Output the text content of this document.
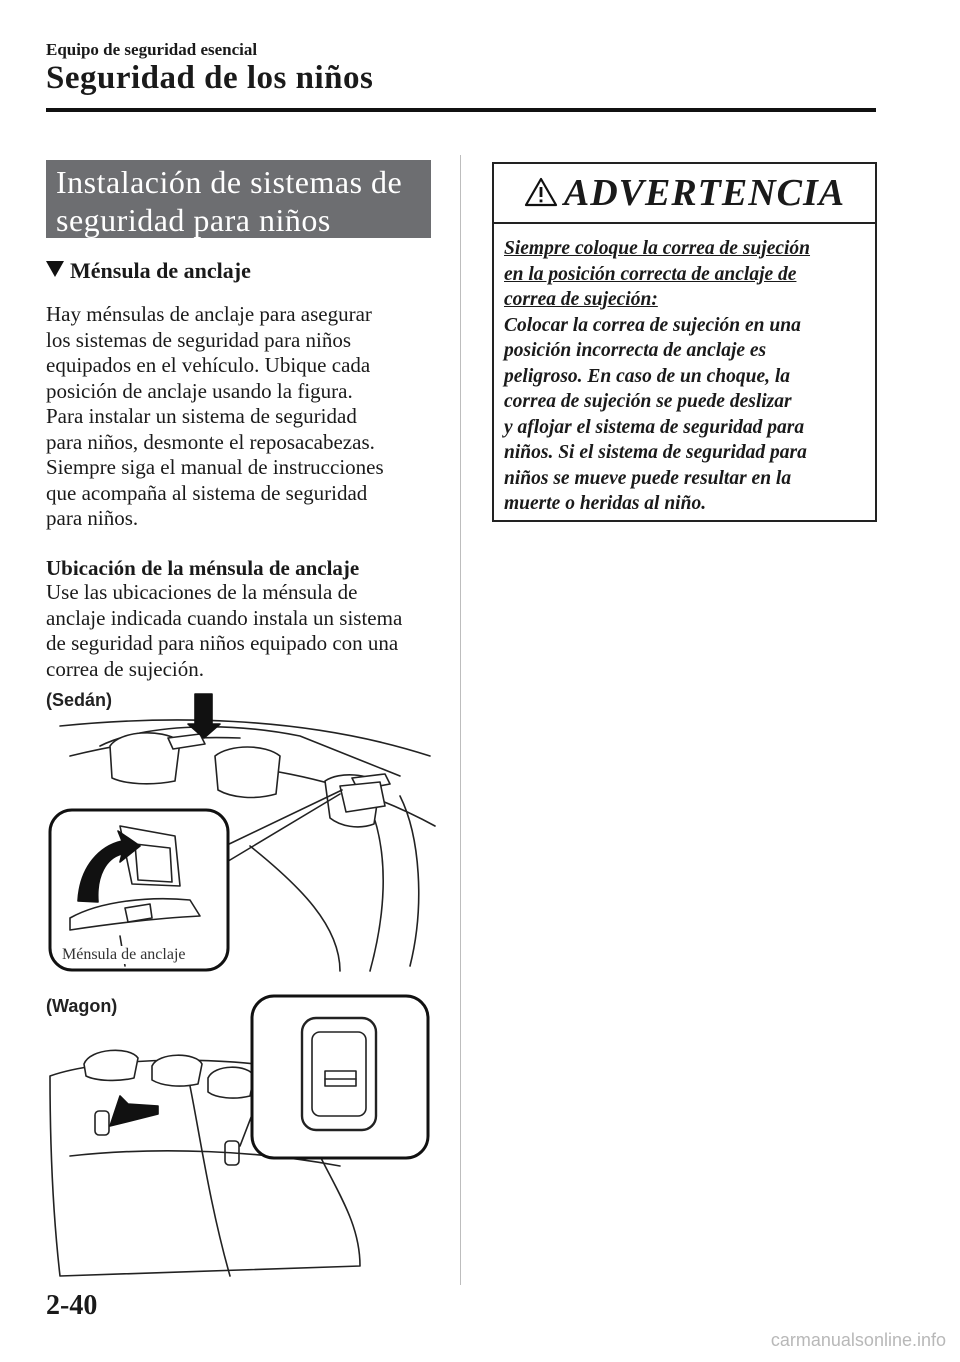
Equipo de seguridad esencial
Seguridad de los niños
Instalación de sistemas de
seguridad para niños
Ménsula de anclaje

Hay ménsulas de anclaje para asegurar

los sistemas de seguridad para niños

equipados en el vehículo. Ubique cada

posición de anclaje usando la figura.

Para instalar un sistema de seguridad

para niños, desmonte el reposacabezas.

Siempre siga el manual de instrucciones

que acompaña al sistema de seguridad

para niños.

Ubicación de la ménsula de anclaje

Use las ubicaciones de la ménsula de

anclaje indicada cuando instala un sistema

de seguridad para niños equipado con una

correa de sujeción.

(Sedán)
Ménsula de anclaje
(Wagon)
ADVERTENCIA

Siempre coloque la correa de sujeción

en la posición correcta de anclaje de

correa de sujeción:

Colocar la correa de sujeción en una

posición incorrecta de anclaje es

peligroso. En caso de un choque, la

correa de sujeción se puede deslizar

y aflojar el sistema de seguridad para

niños. Si el sistema de seguridad para

niños se mueve puede resultar en la

muerte o heridas al niño.

2-40
carmanualsonline.info
